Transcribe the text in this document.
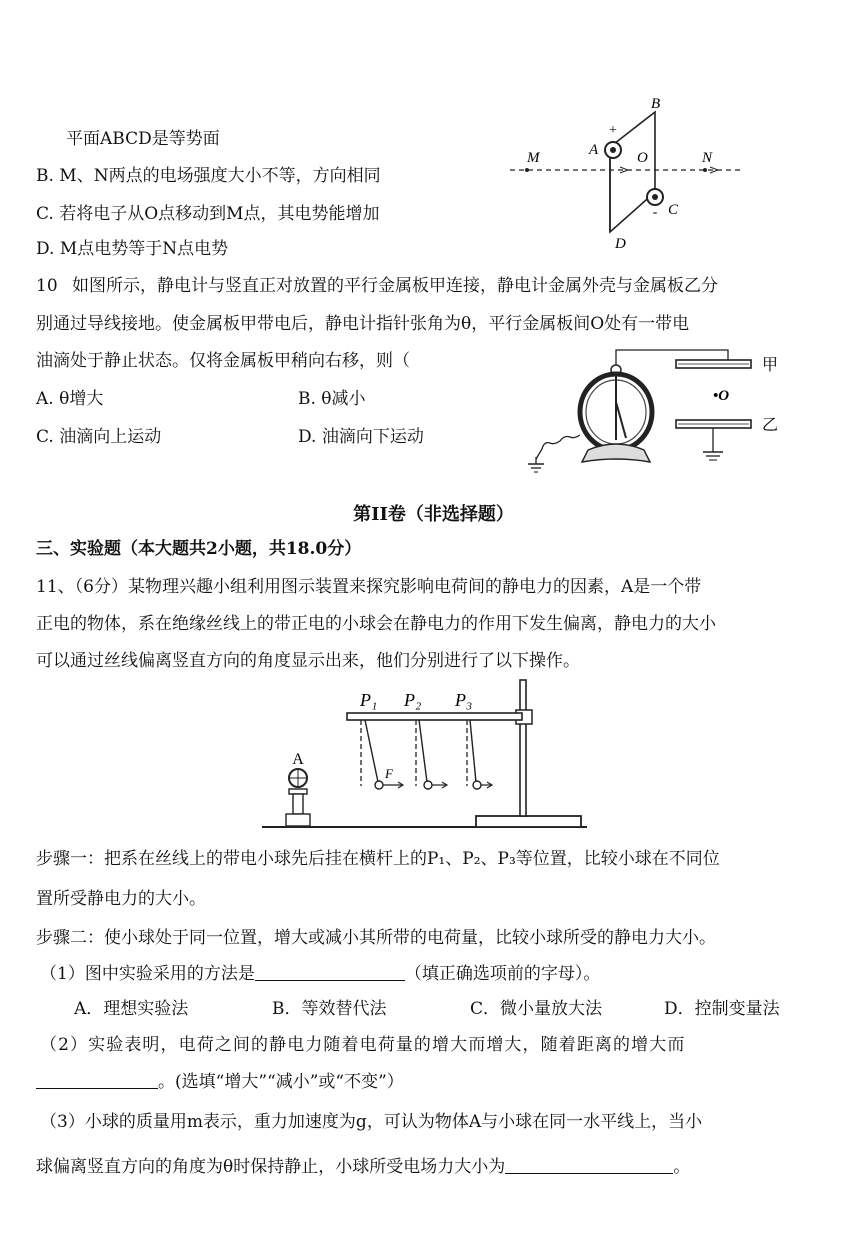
平面ABCD是等势面
B. M、N两点的电场强度大小不等，方向相同
C. 若将电子从O点移动到M点，其电势能增加
D. M点电势等于N点电势
+
-
A
B
C
D
M	N
O
10 如图所示，静电计与竖直正对放置的平行金属板甲连接，静电计金属外壳与金属板乙分
别通过导线接地。使金属板甲带电后，静电计指针张角为θ，平行金属板间O处有一带电
油滴处于静止状态。仅将金属板甲稍向右移，则（
A. θ增大	B. θ减小
C. 油滴向上运动	D. 油滴向下运动
甲
•O
乙
第II卷（非选择题）
三、实验题（本大题共2小题，共18.0分）
11、（6分）某物理兴趣小组利用图示装置来探究影响电荷间的静电力的因素，A是一个带
正电的物体，系在绝缘丝线上的带正电的小球会在静电力的作用下发生偏离，静电力的大小
可以通过丝线偏离竖直方向的角度显示出来，他们分别进行了以下操作。
A
P₁ P₂ P₃
F
步骤一：把系在丝线上的带电小球先后挂在横杆上的P₁、P₂、P₃等位置，比较小球在不同位
置所受静电力的大小。
步骤二：使小球处于同一位置，增大或减小其所带的电荷量，比较小球所受的静电力大小。
（1）图中实验采用的方法是	（填正确选项前的字母）。
A．理想实验法	B．等效替代法	C．微小量放大法	D．控制变量法
（2）实验表明，电荷之间的静电力随着电荷量的增大而增大，随着距离的增大而
。(选填“增大”“减小”或“不变”）
（3）小球的质量用m表示，重力加速度为g，可认为物体A与小球在同一水平线上，当小
球偏离竖直方向的角度为θ时保持静止，小球所受电场力大小为	。
